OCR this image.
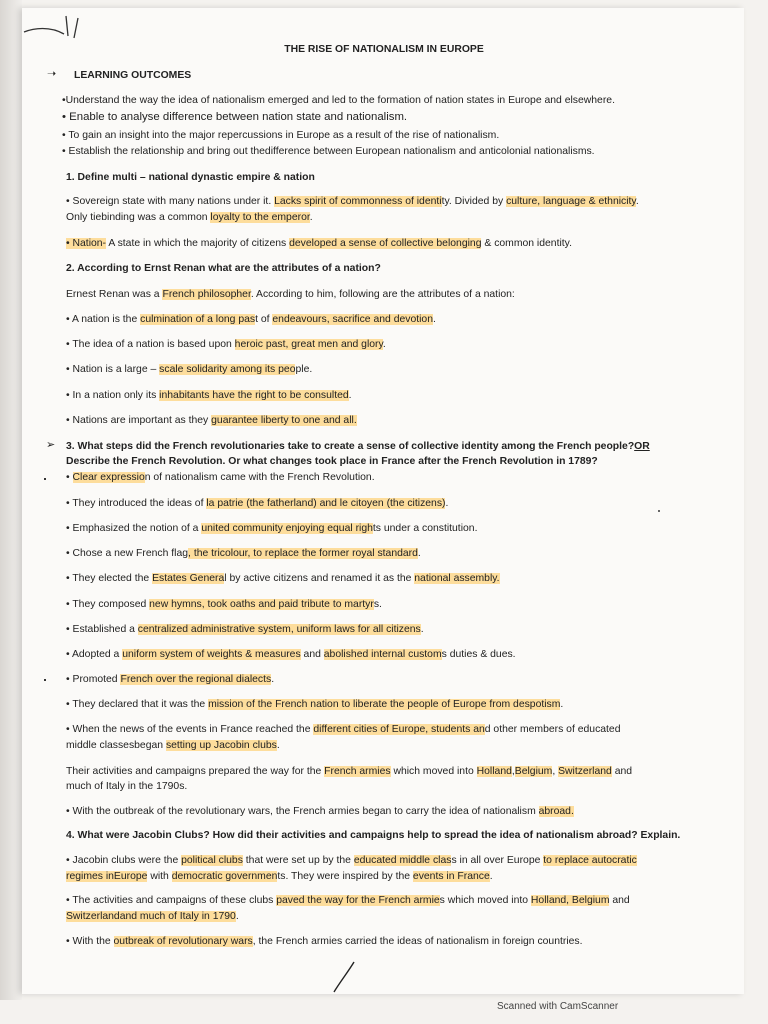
THE RISE OF NATIONALISM IN EUROPE
➝ LEARNING OUTCOMES
•Understand the way the idea of nationalism emerged and led to the formation of nation states in Europe and elsewhere.
• Enable to analyse difference between nation state and nationalism.
• To gain an insight into the major repercussions in Europe as a result of the rise of nationalism.
• Establish the relationship and bring out thedifference between European nationalism and anticolonial nationalisms.
1. Define multi – national dynastic empire & nation
• Sovereign state with many nations under it. Lacks spirit of commonness of identity. Divided by culture, language & ethnicity.
Only tiebinding was a common loyalty to the emperor.
• Nation- A state in which the majority of citizens developed a sense of collective belonging & common identity.
2. According to Ernst Renan what are the attributes of a nation?
Ernest Renan was a French philosopher. According to him, following are the attributes of a nation:
• A nation is the culmination of a long past of endeavours, sacrifice and devotion.
• The idea of a nation is based upon heroic past, great men and glory.
• Nation is a large – scale solidarity among its people.
• In a nation only its inhabitants have the right to be consulted.
• Nations are important as they guarantee liberty to one and all.
➢ 3. What steps did the French revolutionaries take to create a sense of collective identity among the French people?OR
Describe the French Revolution. Or what changes took place in France after the French Revolution in 1789?
• Clear expression of nationalism came with the French Revolution.
• They introduced the ideas of la patrie (the fatherland) and le citoyen (the citizens).
• Emphasized the notion of a united community enjoying equal rights under a constitution.
• Chose a new French flag, the tricolour, to replace the former royal standard.
• They elected the Estates General by active citizens and renamed it as the national assembly.
• They composed new hymns, took oaths and paid tribute to martyrs.
• Established a centralized administrative system, uniform laws for all citizens.
• Adopted a uniform system of weights & measures and abolished internal customs duties & dues.
• Promoted French over the regional dialects.
• They declared that it was the mission of the French nation to liberate the people of Europe from despotism.
• When the news of the events in France reached the different cities of Europe, students and other members of educated
middle classesbegan setting up Jacobin clubs.
Their activities and campaigns prepared the way for the French armies which moved into Holland,Belgium, Switzerland and
much of Italy in the 1790s.
• With the outbreak of the revolutionary wars, the French armies began to carry the idea of nationalism abroad.
4. What were Jacobin Clubs? How did their activities and campaigns help to spread the idea of nationalism abroad? Explain.
• Jacobin clubs were the political clubs that were set up by the educated middle class in all over Europe to replace autocratic
regimes inEurope with democratic governments. They were inspired by the events in France.
• The activities and campaigns of these clubs paved the way for the French armies which moved into Holland, Belgium and
Switzerlandand much of Italy in 1790.
• With the outbreak of revolutionary wars, the French armies carried the ideas of nationalism in foreign countries.
Scanned with CamScanner
